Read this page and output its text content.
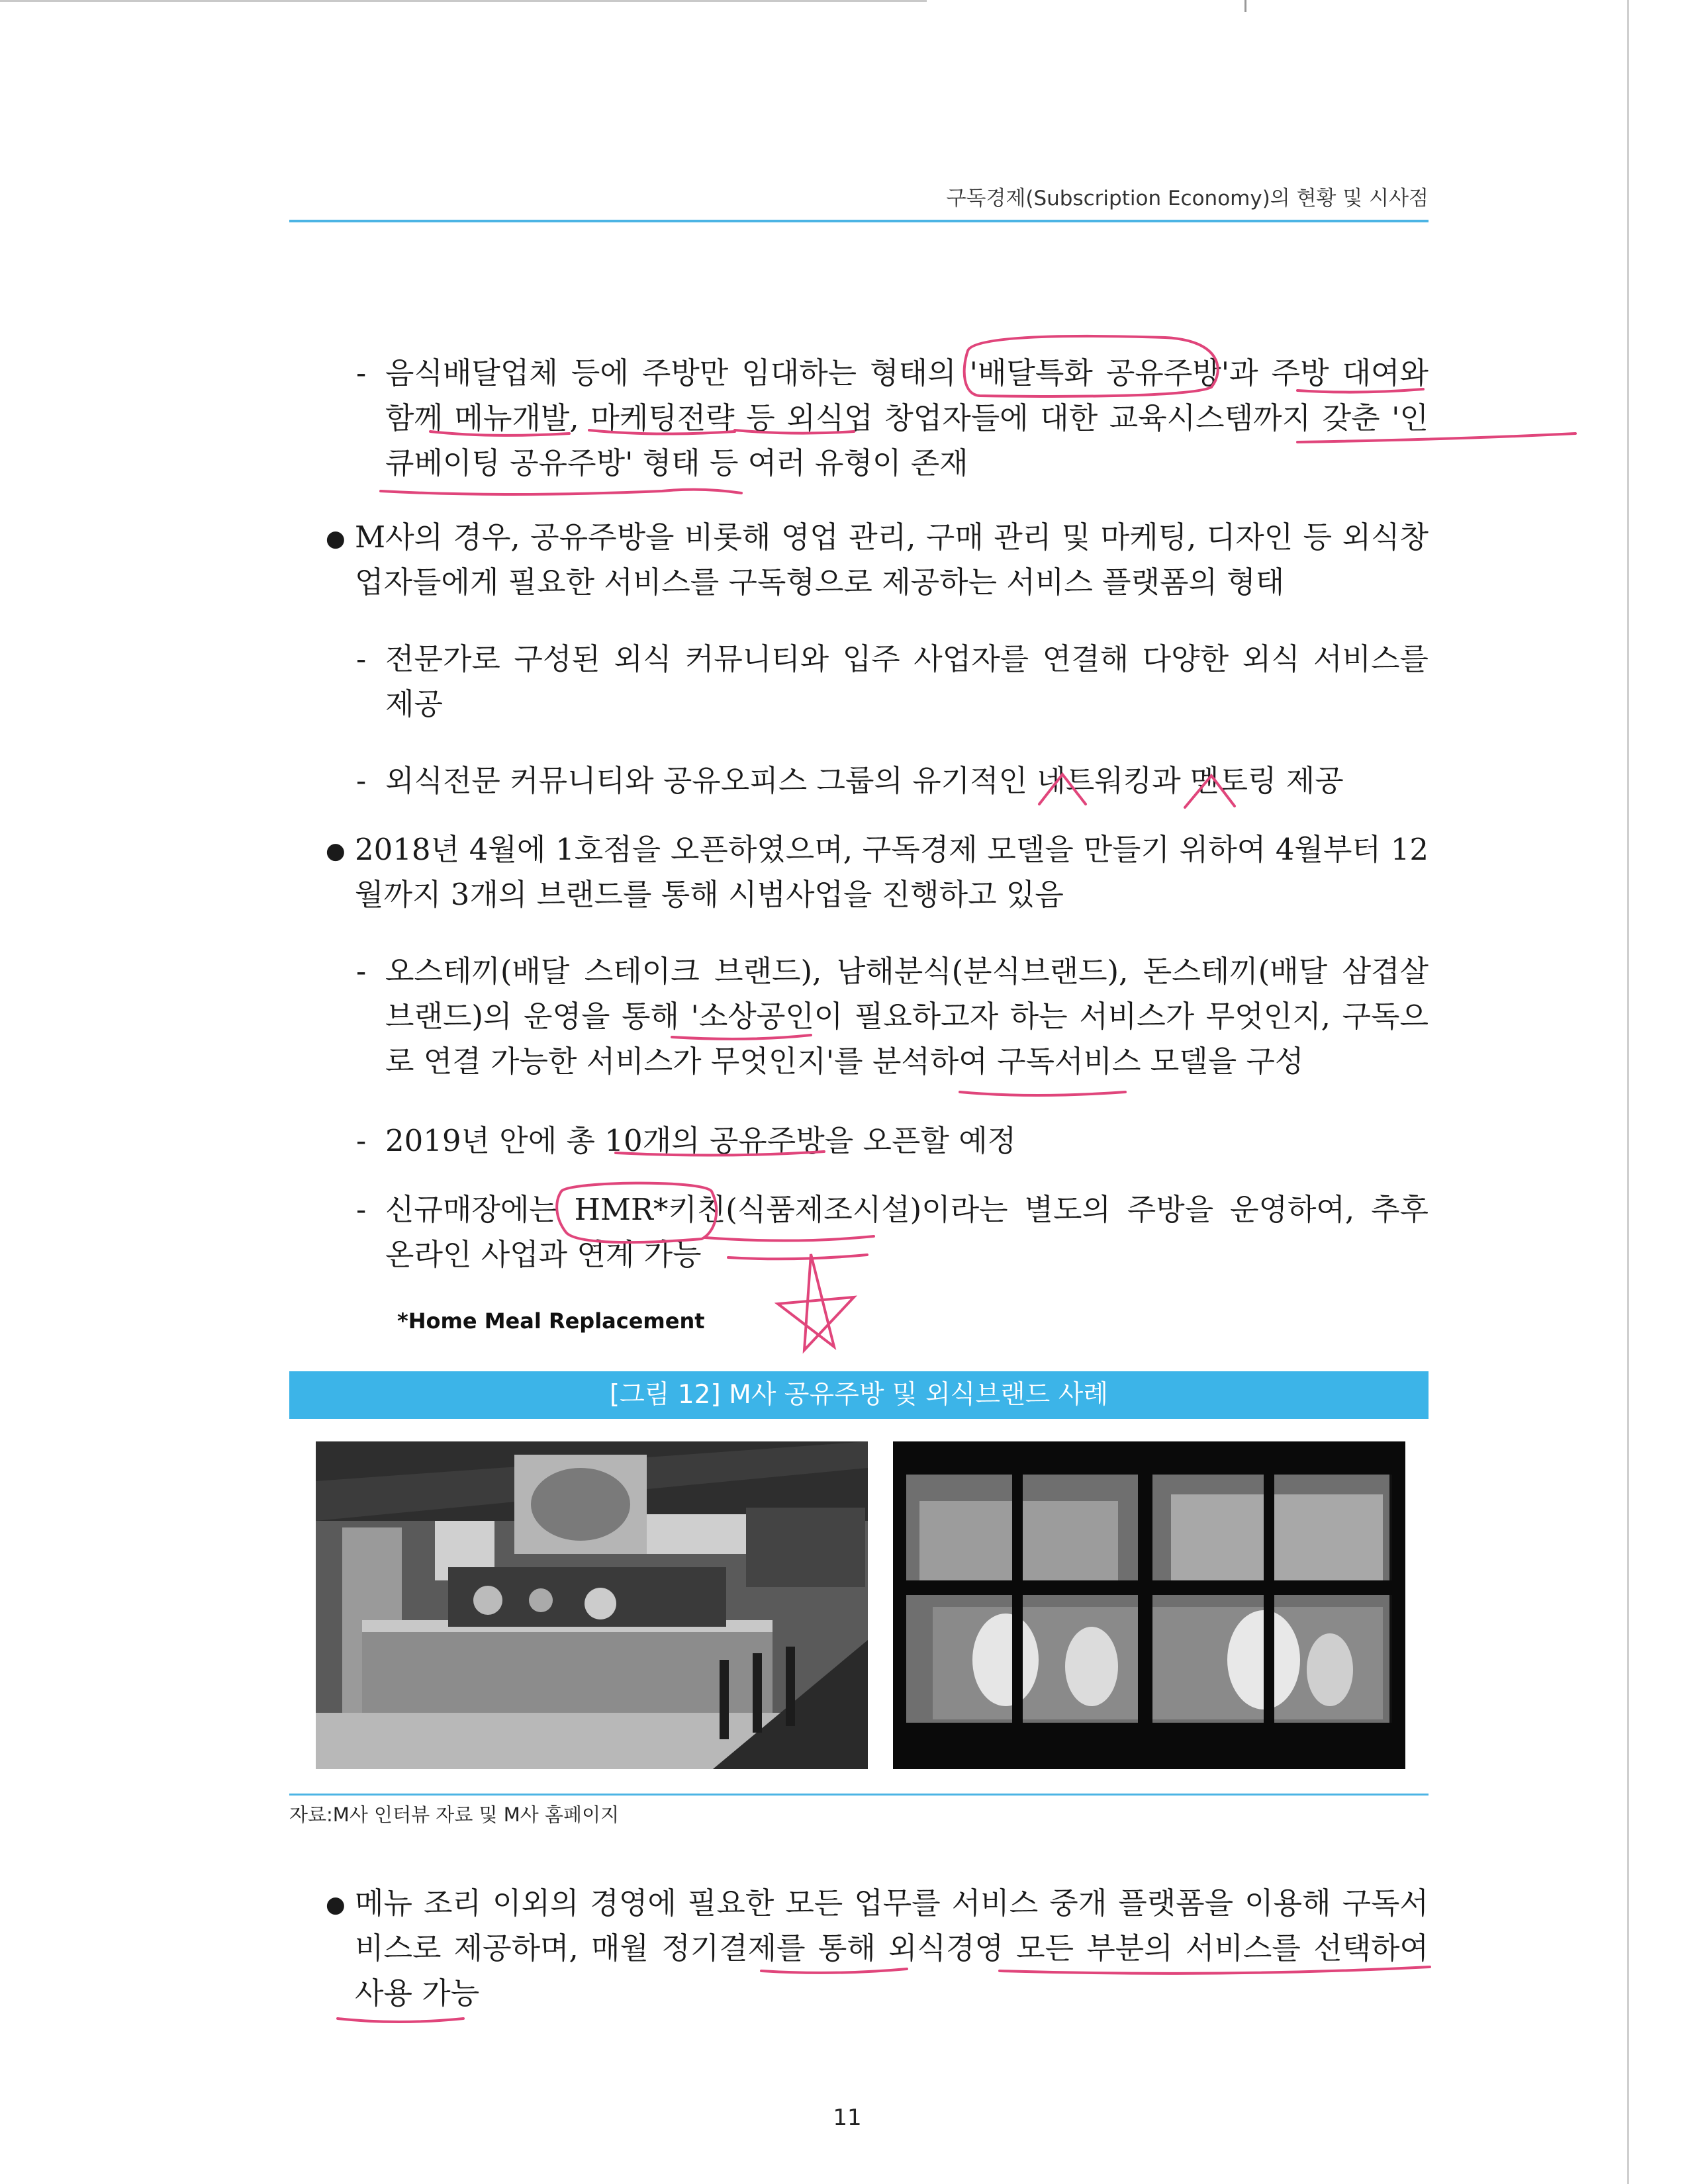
구독경제(Subscription Economy)의 현황 및 시사점
- 음식배달업체 등에 주방만 임대하는 형태의 '배달특화 공유주방'과 주방 대여와 함께 메뉴개발, 마케팅전략 등 외식업 창업자들에 대한 교육시스템까지 갖춘 '인큐베이팅 공유주방' 형태 등 여러 유형이 존재
● M사의 경우, 공유주방을 비롯해 영업 관리, 구매 관리 및 마케팅, 디자인 등 외식창업자들에게 필요한 서비스를 구독형으로 제공하는 서비스 플랫폼의 형태
- 전문가로 구성된 외식 커뮤니티와 입주 사업자를 연결해 다양한 외식 서비스를 제공
- 외식전문 커뮤니티와 공유오피스 그룹의 유기적인 네트워킹과 멘토링 제공
● 2018년 4월에 1호점을 오픈하였으며, 구독경제 모델을 만들기 위하여 4월부터 12월까지 3개의 브랜드를 통해 시범사업을 진행하고 있음
- 오스테끼(배달 스테이크 브랜드), 남해분식(분식브랜드), 돈스테끼(배달 삼겹살 브랜드)의 운영을 통해 '소상공인이 필요하고자 하는 서비스가 무엇인지, 구독으로 연결 가능한 서비스가 무엇인지'를 분석하여 구독서비스 모델을 구성
- 2019년 안에 총 10개의 공유주방을 오픈할 예정
- 신규매장에는 HMR*키친(식품제조시설)이라는 별도의 주방을 운영하여, 추후 온라인 사업과 연계 가능
*Home Meal Replacement
[그림 12] M사 공유주방 및 외식브랜드 사례
자료:M사 인터뷰 자료 및 M사 홈페이지
● 메뉴 조리 이외의 경영에 필요한 모든 업무를 서비스 중개 플랫폼을 이용해 구독서비스로 제공하며, 매월 정기결제를 통해 외식경영 모든 부분의 서비스를 선택하여 사용 가능
11
